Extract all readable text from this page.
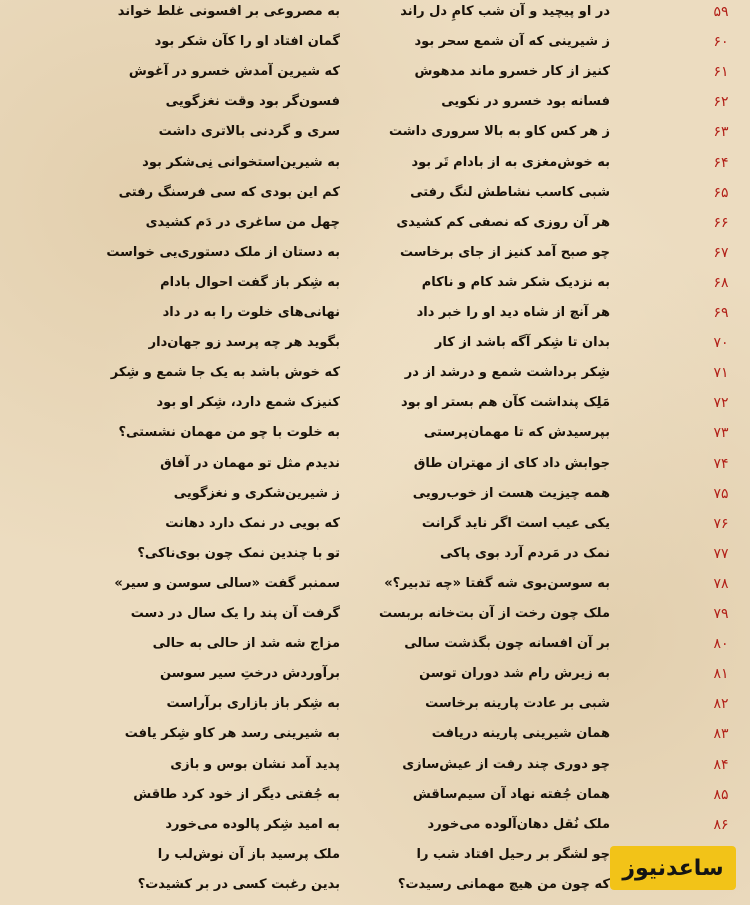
۵۹
در او پیچید و آن شب کامِ دل راند
به مصروعی بر افسونی غلط خواند
۶۰
ز شیرینی که آن شمع سحر بود
گمان افتاد او را کآن شکر بود
۶۱
کنیز از کار خسرو ماند مدهوش
که شیرین آمدش خسرو در آغوش
۶۲
فسانه بود خسرو در نکویی
فسون‌گر بود وقت نغزگویی
۶۳
ز هر کس کاو به بالا سروری داشت
سری و گردنی بالاتری داشت
۶۴
به خوش‌مغزی به از بادام تَر بود
به شیرین‌استخوانی نِی‌شکر بود
۶۵
شبی کاسب نشاطش لنگ رفتی
کم این بودی که سی فرسنگ رفتی
۶۶
هر آن روزی که نصفی کم کشیدی
چهل من ساغری در دَم کشیدی
۶۷
چو صبح آمد کنیز از جای برخاست
به دستان از ملک دستوری‌یی خواست
۶۸
به نزدیک شکر شد کام و ناکام
به شِکر باز گفت احوال بادام
۶۹
هر آنچ از شاه دید او را خبر داد
نهانی‌های خلوت را به در داد
۷۰
بدان تا شِکر آگه باشد از کار
بگوید هر چه پرسد زو جهان‌دار
۷۱
شِکر برداشت شمع و درشد از در
که خوش باشد به یک جا شمع و شِکر
۷۲
مَلِک پنداشت کآن هم بستر او بود
کنیزک شمع دارد، شِکر او بود
۷۳
بپرسیدش که تا مهمان‌پرستی
به خلوت با چو من مهمان نشستی؟
۷۴
جوابش داد کای از مهتران طاق
ندیدم مثل تو مهمان در آفاق
۷۵
همه چیزیت هست از خوب‌رویی
ز شیرین‌شکری و نغزگویی
۷۶
یکی عیب است اگر ناید گرانت
که بویی در نمک دارد دهانت
۷۷
نمک در مَردم آرد بوی پاکی
تو با چندین نمک چون بوی‌ناکی؟
۷۸
به سوسن‌بوی شه گفتا «چه تدبیر؟»
سمنبر گفت «سالی سوسن و سیر»
۷۹
ملک چون رخت از آن بت‌خانه بربست
گرفت آن پند را یک سال در دست
۸۰
بر آن افسانه چون بگذشت سالی
مزاج شه شد از حالی به حالی
۸۱
به زیرش رام شد دوران توسن
برآوردش درختِ سیر سوسن
۸۲
شبی بر عادت پارینه برخاست
به شِکر باز بازاری برآراست
۸۳
همان شیرینی پارینه دریافت
به شیرینی رسد هر کاو شِکر یافت
۸۴
چو دوری چند رفت از عیش‌سازی
پدید آمد نشان بوس و بازی
۸۵
همان جُفته نهاد آن سیم‌ساقش
به جُفتی دیگر از خود کرد طاقش
۸۶
ملک نُقل دهان‌آلوده می‌خورد
به امید شِکر پالوده می‌خورد
چو لشگر بر رحیل افتاد شب را
ملک پرسید باز آن نوش‌لب را
که چون من هیچ مهمانی رسیدت؟
بدین رغبت کسی در بر کشیدت؟
ساعدنیوز
